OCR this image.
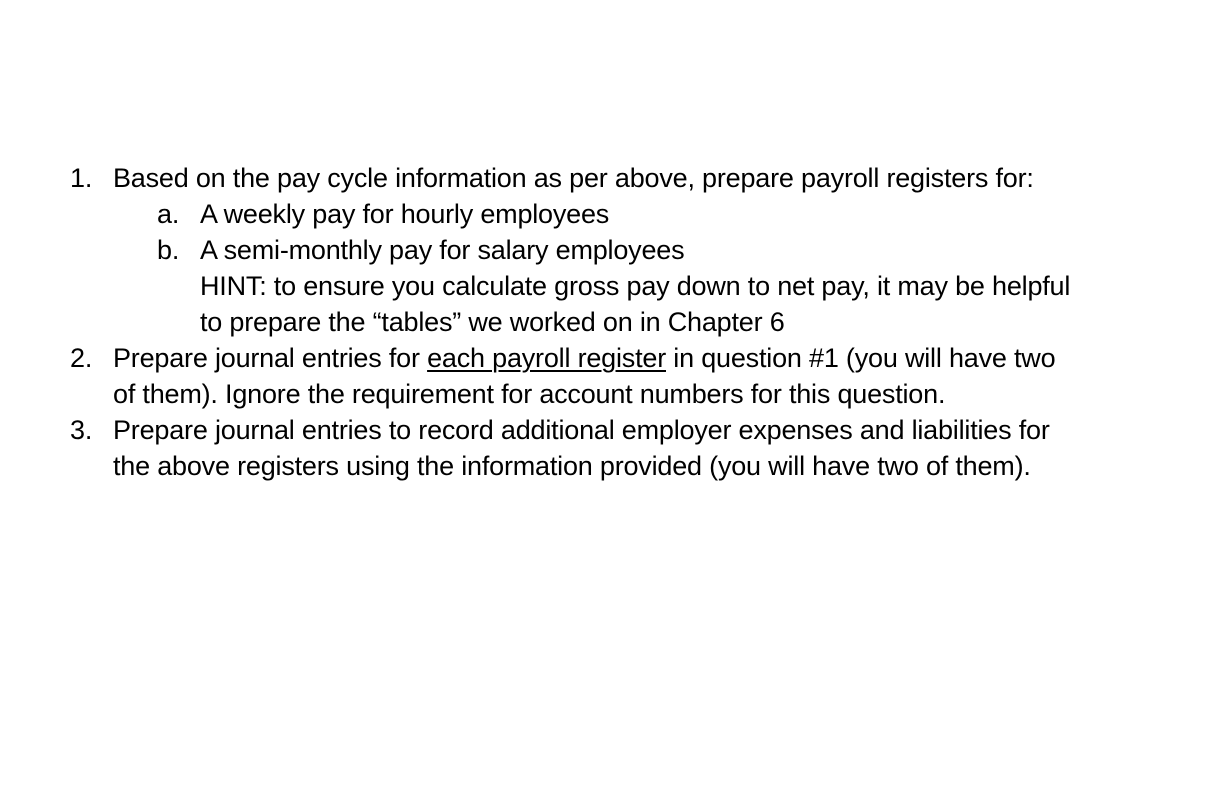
1. Based on the pay cycle information as per above, prepare payroll registers for:
a. A weekly pay for hourly employees
b. A semi-monthly pay for salary employees
HINT: to ensure you calculate gross pay down to net pay, it may be helpful
to prepare the “tables” we worked on in Chapter 6
2. Prepare journal entries for each payroll register in question #1 (you will have two
of them). Ignore the requirement for account numbers for this question.
3. Prepare journal entries to record additional employer expenses and liabilities for
the above registers using the information provided (you will have two of them).
